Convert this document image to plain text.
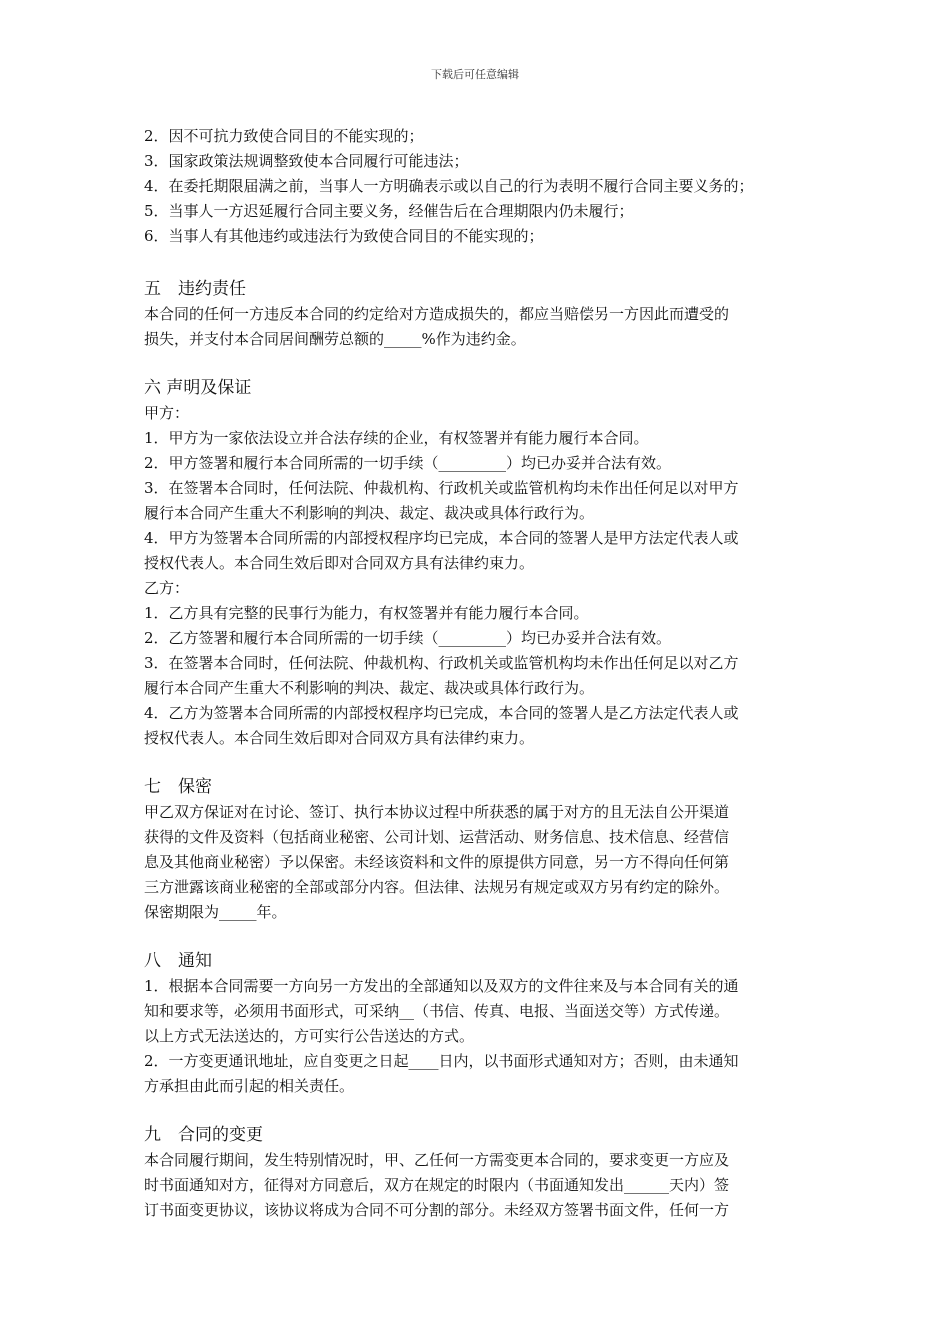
下载后可任意编辑

2．因不可抗力致使合同目的不能实现的；

3．国家政策法规调整致使本合同履行可能违法；

4．在委托期限届满之前，当事人一方明确表示或以自己的行为表明不履行合同主要义务的；

5．当事人一方迟延履行合同主要义务，经催告后在合理期限内仍未履行；

6．当事人有其他违约或违法行为致使合同目的不能实现的；

五　违约责任

本合同的任何一方违反本合同的约定给对方造成损失的，都应当赔偿另一方因此而遭受的

损失，并支付本合同居间酬劳总额的_____%作为违约金。

六 声明及保证

甲方：

1．甲方为一家依法设立并合法存续的企业，有权签署并有能力履行本合同。

2．甲方签署和履行本合同所需的一切手续（_________）均已办妥并合法有效。

3．在签署本合同时，任何法院、仲裁机构、行政机关或监管机构均未作出任何足以对甲方

履行本合同产生重大不利影响的判决、裁定、裁决或具体行政行为。

4．甲方为签署本合同所需的内部授权程序均已完成，本合同的签署人是甲方法定代表人或

授权代表人。本合同生效后即对合同双方具有法律约束力。

乙方：

1．乙方具有完整的民事行为能力，有权签署并有能力履行本合同。

2．乙方签署和履行本合同所需的一切手续（_________）均已办妥并合法有效。

3．在签署本合同时，任何法院、仲裁机构、行政机关或监管机构均未作出任何足以对乙方

履行本合同产生重大不利影响的判决、裁定、裁决或具体行政行为。

4．乙方为签署本合同所需的内部授权程序均已完成，本合同的签署人是乙方法定代表人或

授权代表人。本合同生效后即对合同双方具有法律约束力。

七　保密

甲乙双方保证对在讨论、签订、执行本协议过程中所获悉的属于对方的且无法自公开渠道

获得的文件及资料（包括商业秘密、公司计划、运营活动、财务信息、技术信息、经营信

息及其他商业秘密）予以保密。未经该资料和文件的原提供方同意，另一方不得向任何第

三方泄露该商业秘密的全部或部分内容。但法律、法规另有规定或双方另有约定的除外。

保密期限为_____年。

八　通知

1．根据本合同需要一方向另一方发出的全部通知以及双方的文件往来及与本合同有关的通

知和要求等，必须用书面形式，可采纳__（书信、传真、电报、当面送交等）方式传递。

以上方式无法送达的，方可实行公告送达的方式。

2．一方变更通讯地址，应自变更之日起____日内，以书面形式通知对方；否则，由未通知

方承担由此而引起的相关责任。

九　合同的变更

本合同履行期间，发生特别情况时，甲、乙任何一方需变更本合同的，要求变更一方应及

时书面通知对方，征得对方同意后，双方在规定的时限内（书面通知发出______天内）签

订书面变更协议，该协议将成为合同不可分割的部分。未经双方签署书面文件，任何一方
